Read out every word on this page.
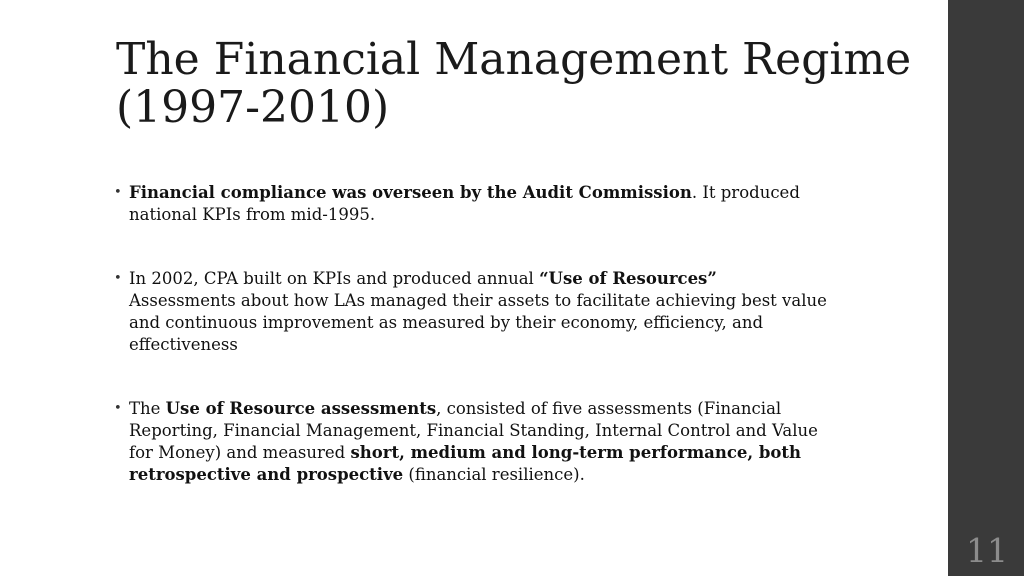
The Financial Management Regime
(1997-2010)
• Financial compliance was overseen by the Audit Commission. It produced national KPIs from mid-1995.
• In 2002, CPA built on KPIs and produced annual “Use of Resources” Assessments about how LAs managed their assets to facilitate achieving best value and continuous improvement as measured by their economy, efficiency, and effectiveness
• The Use of Resource assessments, consisted of five assessments (Financial Reporting, Financial Management, Financial Standing, Internal Control and Value for Money) and measured short, medium and long-term performance, both retrospective and prospective (financial resilience).
11
